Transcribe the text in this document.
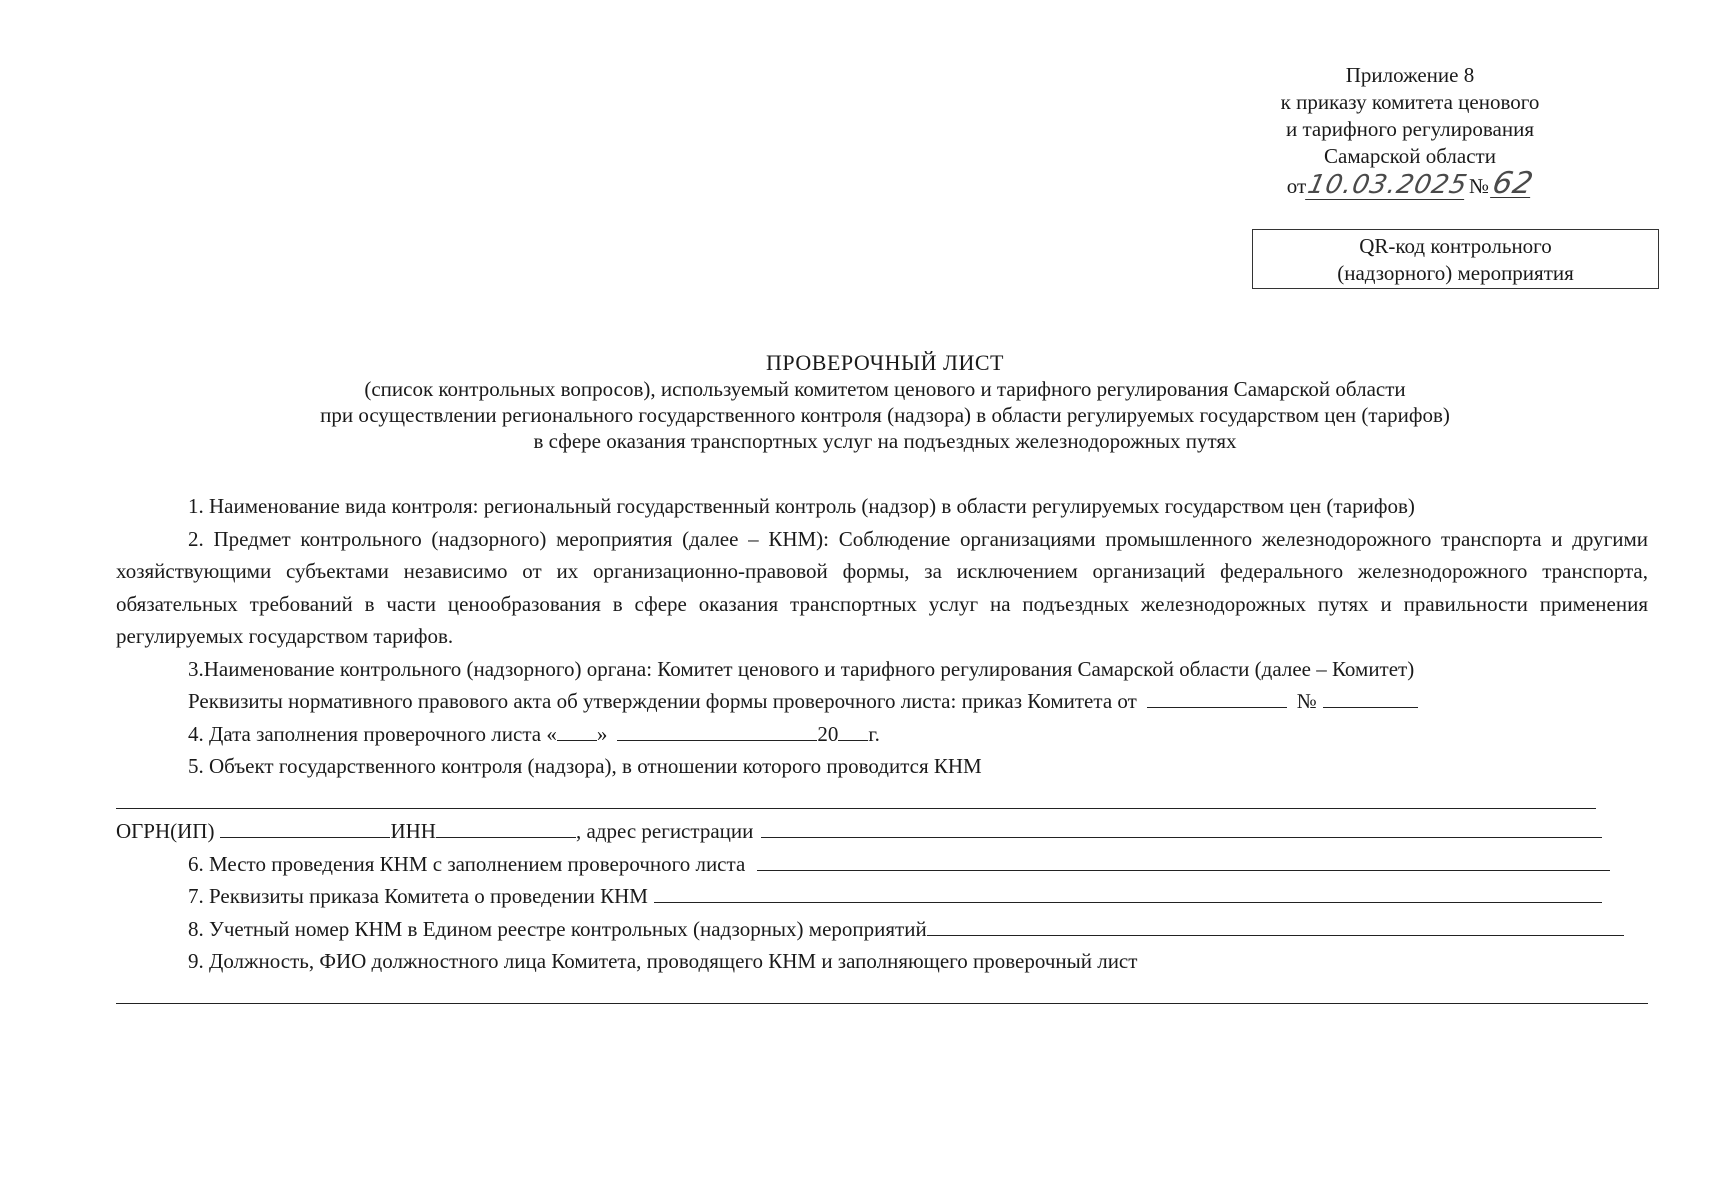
Приложение 8
к приказу комитета ценового
и тарифного регулирования
Самарской области
от10.03.2025№62
QR-код контрольного
(надзорного) мероприятия
ПРОВЕРОЧНЫЙ ЛИСТ
(список контрольных вопросов), используемый комитетом ценового и тарифного регулирования Самарской области
при осуществлении регионального государственного контроля (надзора) в области регулируемых государством цен (тарифов)
в сфере оказания транспортных услуг на подъездных железнодорожных путях
1. Наименование вида контроля: региональный государственный контроль (надзор) в области регулируемых государством цен (тарифов)

2. Предмет контрольного (надзорного) мероприятия (далее – КНМ): Соблюдение организациями промышленного железнодорожного транспорта и другими хозяйствующими субъектами независимо от их организационно-правовой формы, за исключением организаций федерального железнодорожного транспорта, обязательных требований в части ценообразования в сфере оказания транспортных услуг на подъездных железнодорожных путях и правильности применения регулируемых государством тарифов.

3.Наименование контрольного (надзорного) органа: Комитет ценового и тарифного регулирования Самарской области (далее – Комитет)

Реквизиты нормативного правового акта об утверждении формы проверочного листа: приказ Комитета от	№
4. Дата заполнения проверочного листа « »	20 г.
5. Объект государственного контроля (надзора), в отношении которого проводится КНМ
ОГРН(ИП)	ИНН	, адрес регистрации
6. Место проведения КНМ с заполнением проверочного листа
7. Реквизиты приказа Комитета о проведении КНМ
8. Учетный номер КНМ в Едином реестре контрольных (надзорных) мероприятий
9. Должность, ФИО должностного лица Комитета, проводящего КНМ и заполняющего проверочный лист
